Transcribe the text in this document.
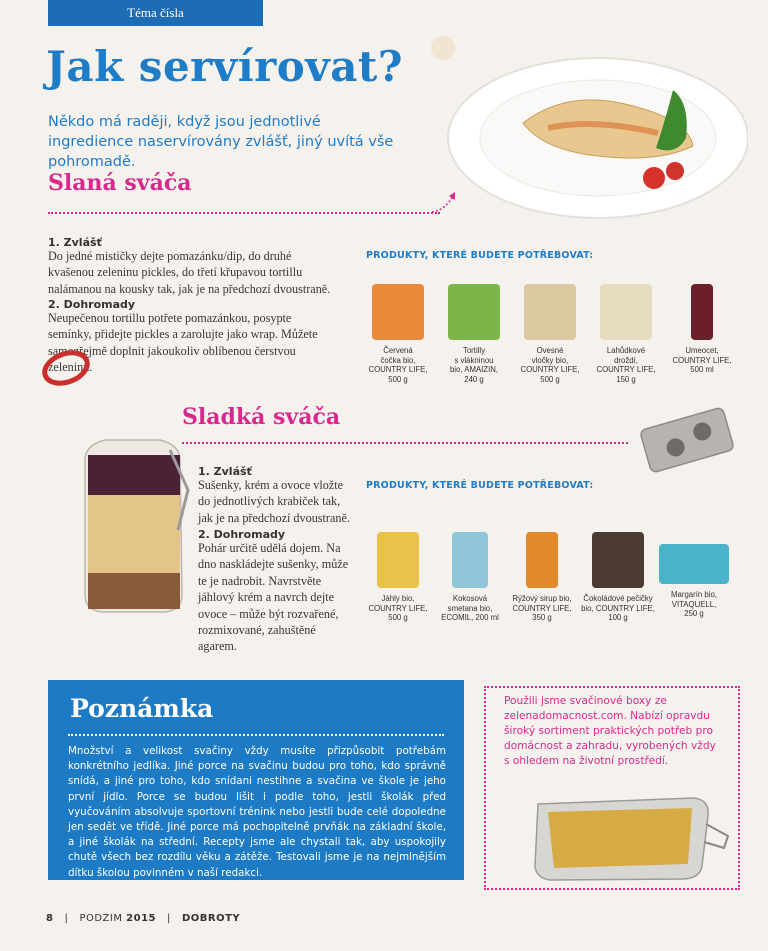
Téma čísla
Jak servírovat?
Někdo má raději, když jsou jednotlivé ingredience naservírovány zvlášť, jiný uvítá vše pohromadě.
Slaná sváča
1. Zvlášť
Do jedné mističky dejte pomazánku/dip, do druhé kvašenou zeleninu pickles, do třetí křupavou tortillu nalámanou na kousky tak, jak je na předchozí dvoustraně.
2. Dohromady
Neupečenou tortillu potřete pomazánkou, posypte semínky, přidejte pickles a zarolujte jako wrap. Můžete samozřejmě doplnit jakoukoliv oblíbenou čerstvou zeleninu.
PRODUKTY, KTERÉ BUDETE POTŘEBOVAT:
Červená
čočka bio,
COUNTRY LIFE,
500 g
Tortilly
s vlákninou
bio, AMAIZIN,
240 g
Ovesné
vločky bio,
COUNTRY LIFE,
500 g
Lahůdkové
droždí,
COUNTRY LIFE,
150 g
Umeocet,
COUNTRY LIFE,
500 ml
Sladká sváča
1. Zvlášť
Sušenky, krém a ovoce vložte do jednotlivých krabiček tak, jak je na předchozí dvoustraně.
2. Dohromady
Pohár určitě udělá dojem. Na dno naskládejte sušenky, může te je nadrobit. Navrstvěte jáhlový krém a navrch dejte ovoce – může být rozvařené, rozmixované, zahuštěné agarem.
PRODUKTY, KTERÉ BUDETE POTŘEBOVAT:
Jáhly bio,
COUNTRY LIFE,
500 g
Kokosová
smetana bio,
ECOMIL, 200 ml
Rýžový sirup bio,
COUNTRY LIFE,
350 g
Čokoládové pečičky
bio, COUNTRY LIFE,
100 g
Margarín bio,
VITAQUELL,
250 g
Poznámka
Množství a velikost svačiny vždy musíte přizpůsobit potřebám konkrétního jedlíka. Jiné porce na svačinu budou pro toho, kdo správně snídá, a jiné pro toho, kdo snídani nestihne a svačina ve škole je jeho první jídlo. Porce se budou lišit i podle toho, jestli školák před vyučováním absolvuje sportovní trénink nebo jestli bude celé dopoledne jen sedět ve třídě. Jiné porce má pochopitelně prvňák na základní škole, a jiné školák na střední. Recepty jsme ale chystali tak, aby uspokojily chutě všech bez rozdílu věku a zátěže. Testovali jsme je na nejmlnějším dítku školou povinném v naší redakci.
Použili jsme svačinové boxy ze zelenadomacnost.com. Nabízí opravdu široký sortiment praktických potřeb pro domácnost a zahradu, vyrobených vždy s ohledem na životní prostředí.
8   |   PODZIM 2015   |   DOBROTY
